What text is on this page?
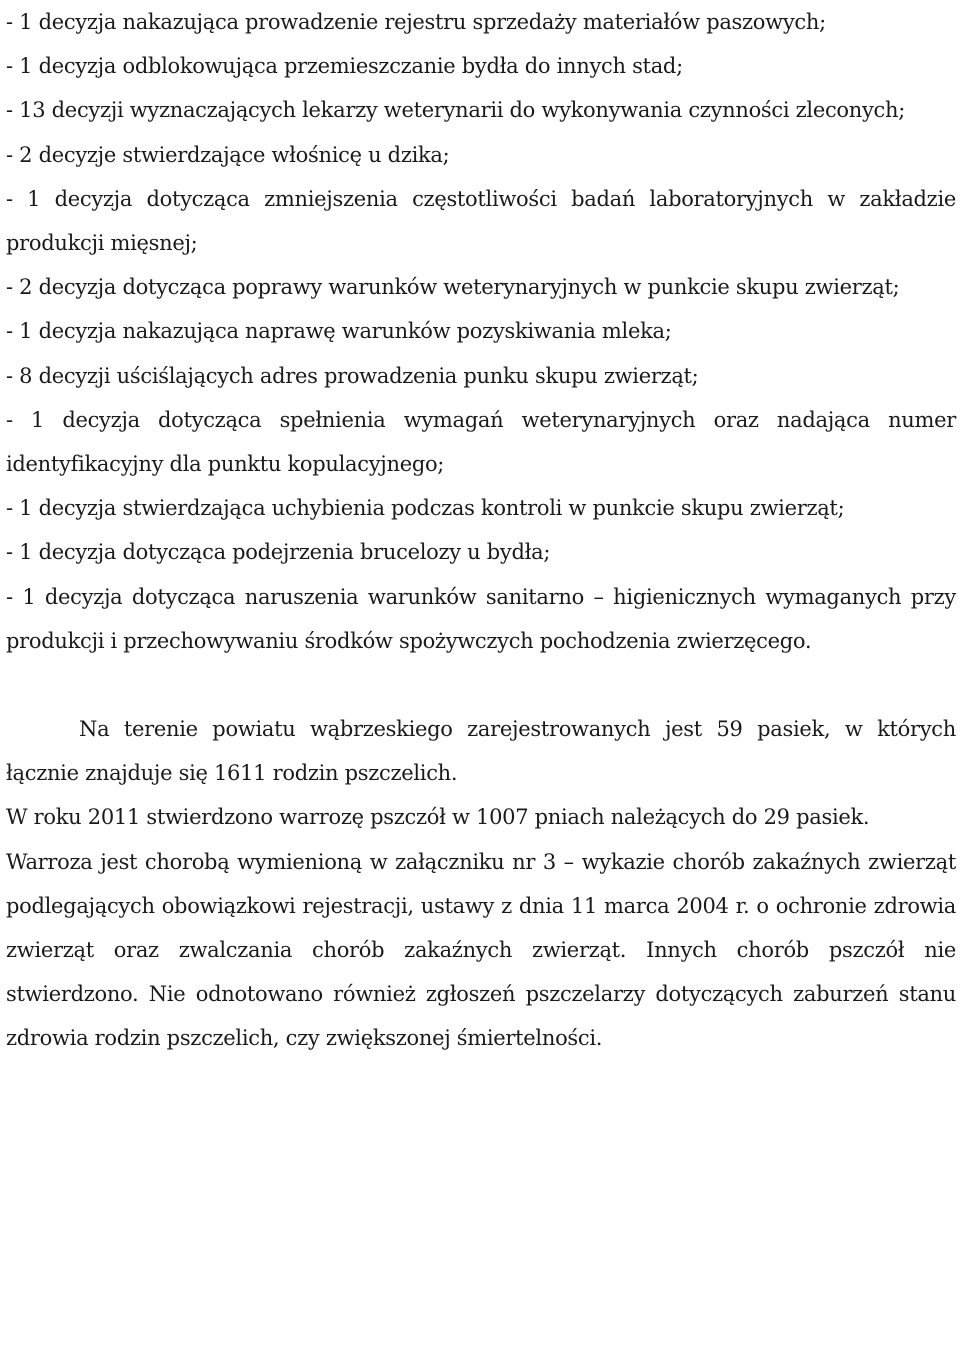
- 1 decyzja nakazująca prowadzenie rejestru sprzedaży materiałów paszowych;

- 1 decyzja odblokowująca przemieszczanie bydła do innych stad;

- 13 decyzji wyznaczających lekarzy weterynarii do wykonywania czynności zleconych;

- 2 decyzje stwierdzające włośnicę u dzika;

- 1 decyzja dotycząca zmniejszenia częstotliwości badań laboratoryjnych w zakładzie produkcji mięsnej;

- 2 decyzja dotycząca poprawy warunków weterynaryjnych w punkcie skupu zwierząt;

- 1 decyzja nakazująca naprawę warunków pozyskiwania mleka;

- 8 decyzji uściślających adres prowadzenia punku skupu zwierząt;

- 1 decyzja dotycząca spełnienia wymagań weterynaryjnych oraz nadająca numer identyfikacyjny dla punktu kopulacyjnego;

- 1 decyzja stwierdzająca uchybienia podczas kontroli w punkcie skupu zwierząt;

- 1 decyzja dotycząca podejrzenia brucelozy u bydła;

- 1 decyzja dotycząca naruszenia warunków sanitarno – higienicznych wymaganych przy produkcji i przechowywaniu środków spożywczych pochodzenia zwierzęcego.

Na terenie powiatu wąbrzeskiego zarejestrowanych jest 59 pasiek, w których łącznie znajduje się 1611 rodzin pszczelich.

W roku 2011 stwierdzono warrozę pszczół w 1007 pniach należących do 29 pasiek.

Warroza jest chorobą wymienioną w załączniku nr 3 – wykazie chorób zakaźnych zwierząt podlegających obowiązkowi rejestracji, ustawy z dnia 11 marca 2004 r. o ochronie zdrowia zwierząt oraz zwalczania chorób zakaźnych zwierząt. Innych chorób pszczół nie stwierdzono. Nie odnotowano również zgłoszeń pszczelarzy dotyczących zaburzeń stanu zdrowia rodzin pszczelich, czy zwiększonej śmiertelności.
